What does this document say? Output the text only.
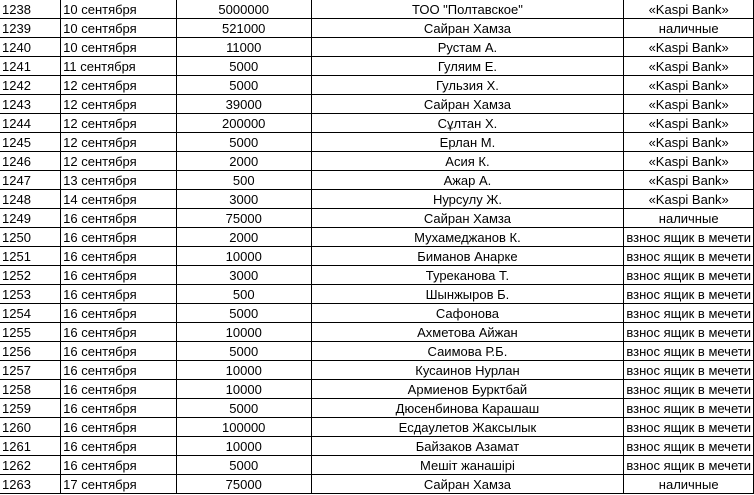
1238	10 сентября	5000000	ТОО "Полтавское"	«Kaspi Bank»
1239	10 сентября	521000	Сайран Хамза	наличные
1240	10 сентября	11000	Рустам А.	«Kaspi Bank»
1241	11 сентября	5000	Гуляим Е.	«Kaspi Bank»
1242	12 сентября	5000	Гульзия Х.	«Kaspi Bank»
1243	12 сентября	39000	Сайран Хамза	«Kaspi Bank»
1244	12 сентября	200000	Сұлтан Х.	«Kaspi Bank»
1245	12 сентября	5000	Ерлан М.	«Kaspi Bank»
1246	12 сентября	2000	Асия К.	«Kaspi Bank»
1247	13 сентября	500	Ажар А.	«Kaspi Bank»
1248	14 сентября	3000	Нурсулу Ж.	«Kaspi Bank»
1249	16 сентября	75000	Сайран Хамза	наличные
1250	16 сентября	2000	Мухамеджанов К.	взнос ящик в мечети
1251	16 сентября	10000	Биманов Анарке	взнос ящик в мечети
1252	16 сентября	3000	Туреканова Т.	взнос ящик в мечети
1253	16 сентября	500	Шынжыров Б.	взнос ящик в мечети
1254	16 сентября	5000	Сафонова	взнос ящик в мечети
1255	16 сентября	10000	Ахметова Айжан	взнос ящик в мечети
1256	16 сентября	5000	Саимова Р.Б.	взнос ящик в мечети
1257	16 сентября	10000	Кусаинов Нурлан	взнос ящик в мечети
1258	16 сентября	10000	Армиенов Бурктбай	взнос ящик в мечети
1259	16 сентября	5000	Дюсенбинова Карашаш	взнос ящик в мечети
1260	16 сентября	100000	Есдаулетов Жаксылык	взнос ящик в мечети
1261	16 сентября	10000	Байзаков Азамат	взнос ящик в мечети
1262	16 сентября	5000	Мешіт жанашірі	взнос ящик в мечети
1263	17 сентября	75000	Сайран Хамза	наличные
